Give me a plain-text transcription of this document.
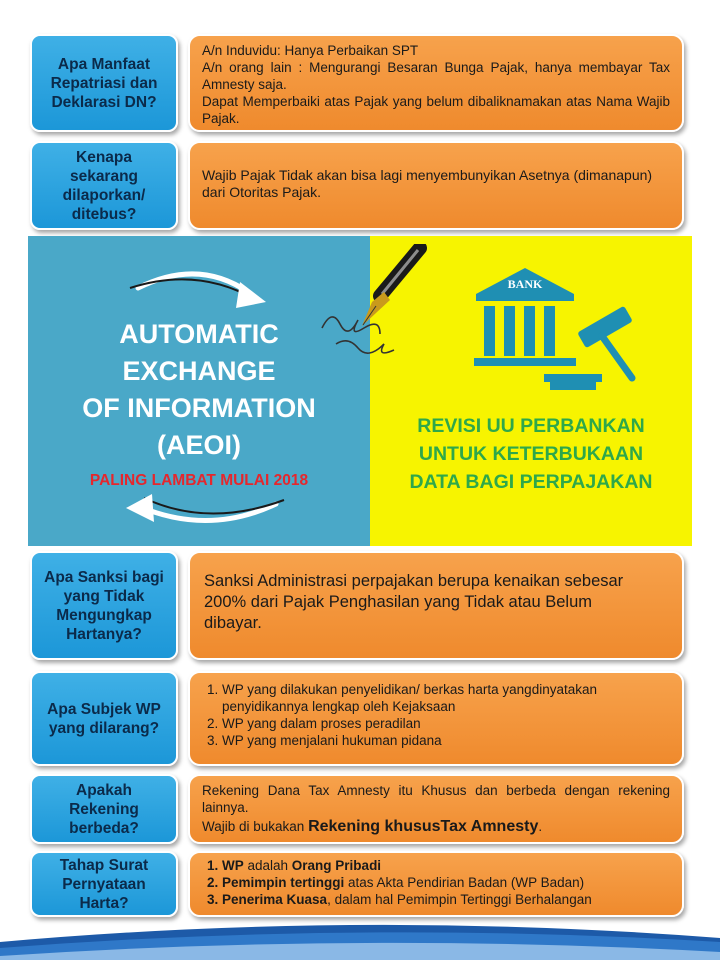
Apa Manfaat Repatriasi dan Deklarasi DN?

A/n Induvidu: Hanya Perbaikan SPT

A/n orang lain : Mengurangi Besaran Bunga Pajak, hanya membayar Tax Amnesty saja.

Dapat Memperbaiki atas Pajak yang belum dibaliknamakan atas Nama Wajib Pajak.

Kenapa sekarang dilaporkan/ ditebus?

Wajib Pajak Tidak akan bisa lagi menyembunyikan Asetnya (dimanapun) dari Otoritas Pajak.

AUTOMATIC
EXCHANGE
OF INFORMATION
(AEOI)
PALING LAMBAT MULAI 2018
BANK
REVISI UU PERBANKAN
UNTUK KETERBUKAAN
DATA BAGI PERPAJAKAN
Apa Sanksi bagi yang Tidak Mengungkap Hartanya?

Sanksi Administrasi perpajakan berupa kenaikan sebesar 200% dari Pajak Penghasilan yang Tidak atau Belum dibayar.

Apa Subjek WP yang dilarang?
1. WP yang dilakukan penyelidikan/ berkas harta yangdinyatakan penyidikannya lengkap oleh Kejaksaan
2. WP yang dalam proses peradilan
3. WP yang menjalani hukuman pidana
Apakah Rekening berbeda?

Rekening Dana Tax Amnesty itu Khusus dan berbeda dengan rekening lainnya.

Wajib di bukakan Rekening khususTax Amnesty.

Tahap Surat Pernyataan Harta?
1. WP adalah Orang Pribadi
2. Pemimpin tertinggi atas Akta Pendirian Badan (WP Badan)
3. Penerima Kuasa, dalam hal Pemimpin Tertinggi Berhalangan
